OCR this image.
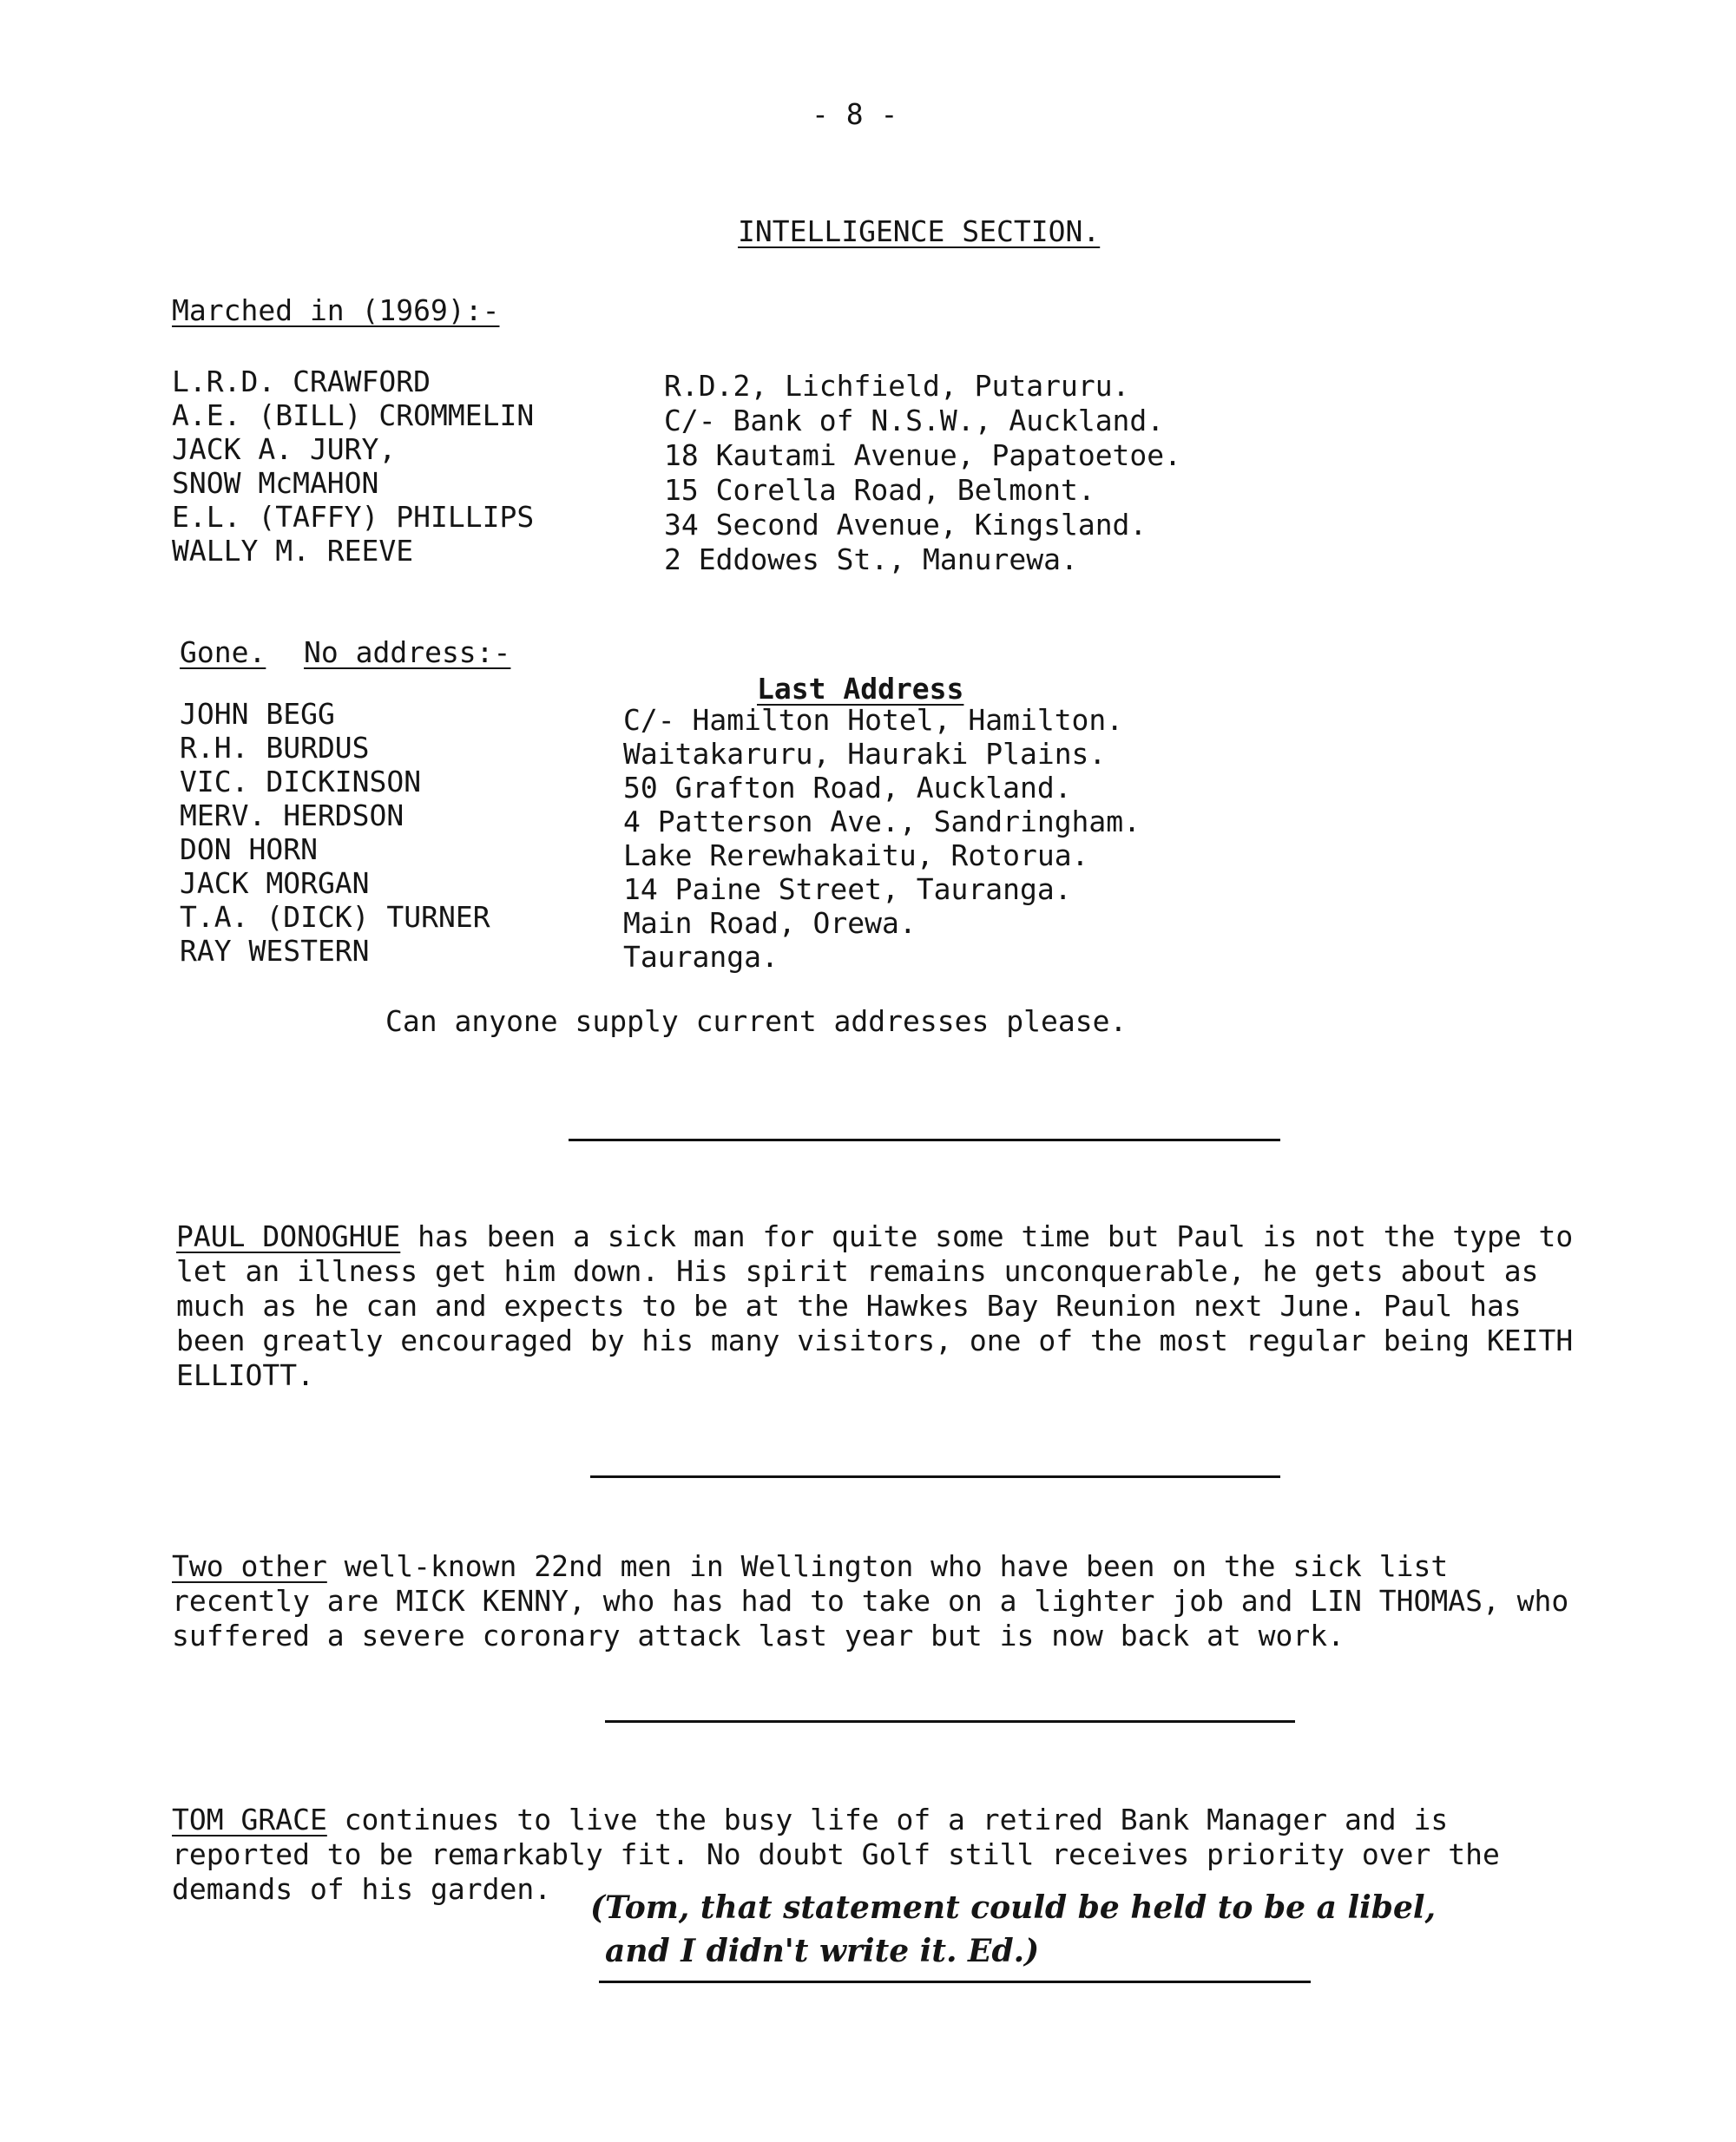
- 8 -
INTELLIGENCE SECTION.
Marched in (1969):-
L.R.D. CRAWFORD	R.D.2, Lichfield, Putaruru.
A.E. (BILL) CROMMELIN	C/- Bank of N.S.W., Auckland.
JACK A. JURY,	18 Kautami Avenue, Papatoetoe.
SNOW McMAHON	15 Corella Road, Belmont.
E.L. (TAFFY) PHILLIPS	34 Second Avenue, Kingsland.
WALLY M. REEVE	2 Eddowes St., Manurewa.
Gone. No address:-
Last Address
JOHN BEGG	C/- Hamilton Hotel, Hamilton.
R.H. BURDUS	Waitakaruru, Hauraki Plains.
VIC. DICKINSON	50 Grafton Road, Auckland.
MERV. HERDSON	4 Patterson Ave., Sandringham.
DON HORN	Lake Rerewhakaitu, Rotorua.
JACK MORGAN	14 Paine Street, Tauranga.
T.A. (DICK) TURNER	Main Road, Orewa.
RAY WESTERN	Tauranga.
Can anyone supply current addresses please.
PAUL DONOGHUE has been a sick man for quite some time but Paul is not the type to let an illness get him down. His spirit remains unconquerable, he gets about as much as he can and expects to be at the Hawkes Bay Reunion next June. Paul has been greatly encouraged by his many visitors, one of the most regular being KEITH ELLIOTT.
Two other well-known 22nd men in Wellington who have been on the sick list recently are MICK KENNY, who has had to take on a lighter job and LIN THOMAS, who suffered a severe coronary attack last year but is now back at work.
TOM GRACE continues to live the busy life of a retired Bank Manager and is reported to be remarkably fit. No doubt Golf still receives priority over the demands of his garden.
(Tom, that statement could be held to be a libel,
and I didn't write it. Ed.)
